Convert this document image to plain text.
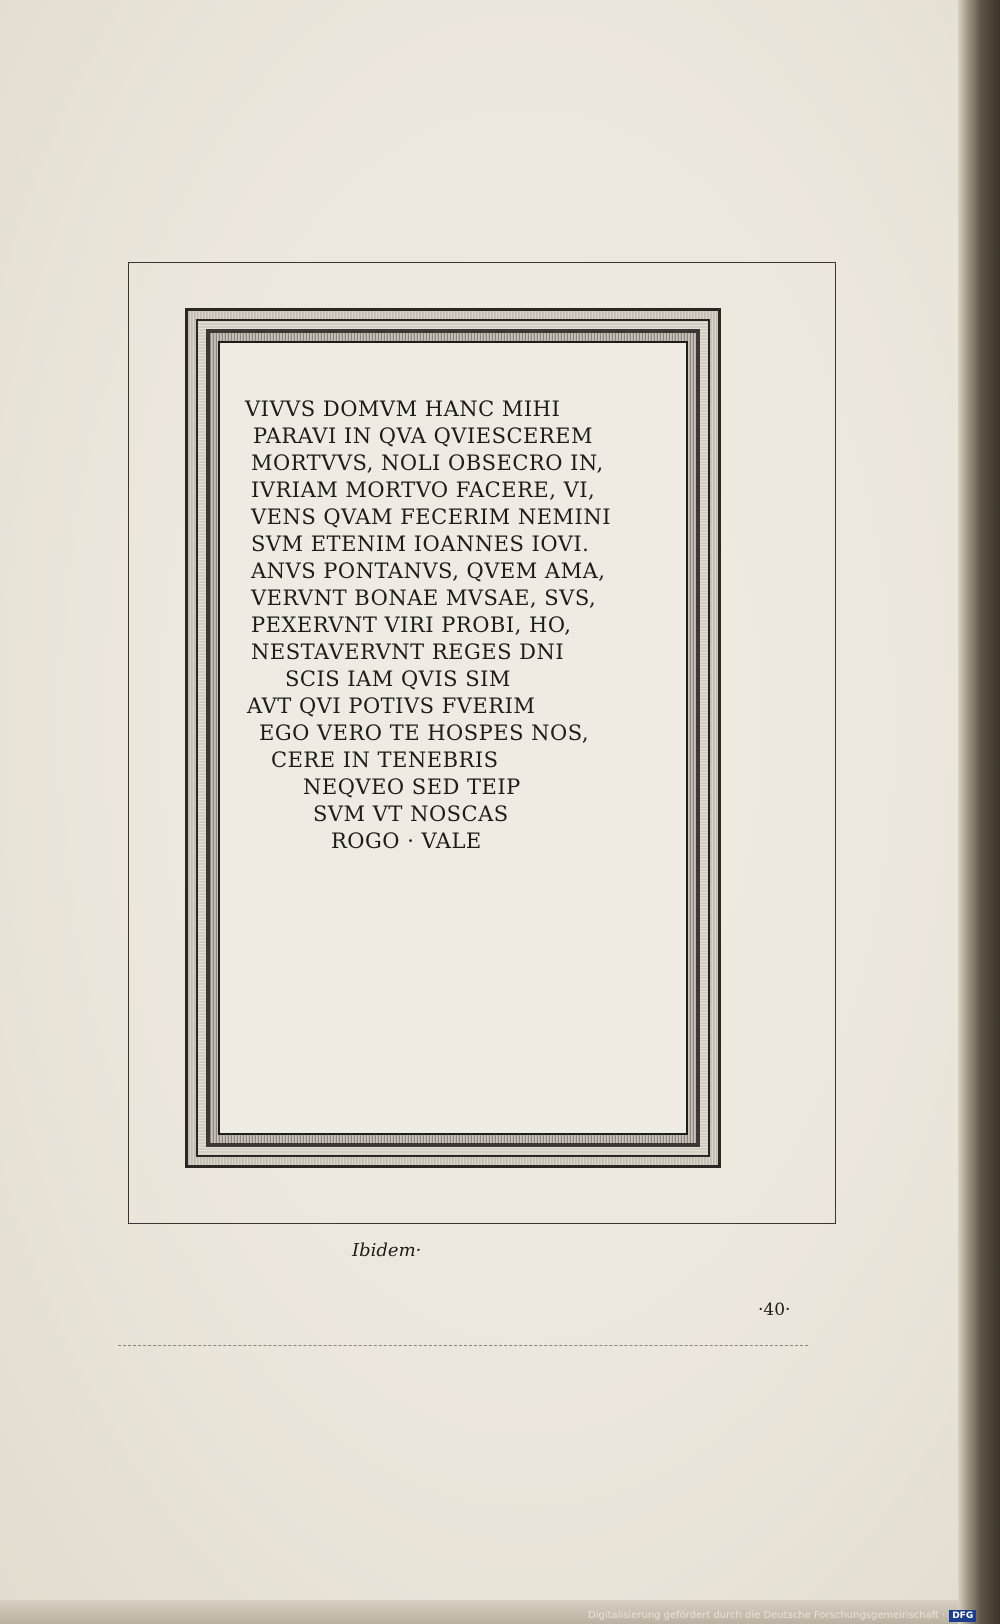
VIVVS DOMVM HANC MIHI
PARAVI IN QVA QVIESCEREM
MORTVVS, NOLI OBSECRO IN,
IVRIAM MORTVO FACERE, VI,
VENS QVAM FECERIM NEMINI
SVM ETENIM IOANNES IOVI.
ANVS PONTANVS, QVEM AMA,
VERVNT BONAE MVSAE, SVS,
PEXERVNT VIRI PROBI, HO,
NESTAVERVNT REGES DNI
SCIS IAM QVIS SIM
AVT QVI POTIVS FVERIM
EGO VERO TE HOSPES NOS,
CERE IN TENEBRIS
NEQVEO SED TEIP
SVM VT NOSCAS
ROGO · VALE
Ibidem·
·40·
Digitalisierung gefördert durch die Deutsche Forschungsgemeinschaft · DFG
